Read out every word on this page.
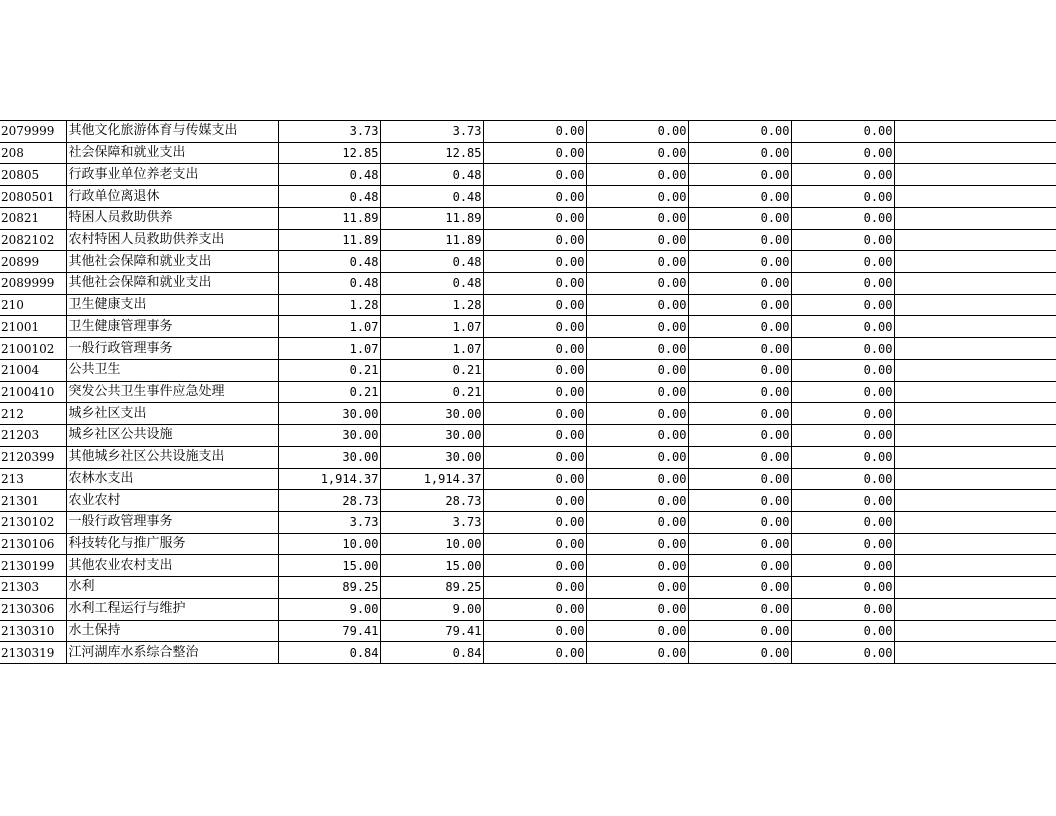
2079999	其他文化旅游体育与传媒支出	3.73	3.73	0.00	0.00	0.00	0.00	
208	社会保障和就业支出	12.85	12.85	0.00	0.00	0.00	0.00	
20805	行政事业单位养老支出	0.48	0.48	0.00	0.00	0.00	0.00	
2080501	行政单位离退休	0.48	0.48	0.00	0.00	0.00	0.00	
20821	特困人员救助供养	11.89	11.89	0.00	0.00	0.00	0.00	
2082102	农村特困人员救助供养支出	11.89	11.89	0.00	0.00	0.00	0.00	
20899	其他社会保障和就业支出	0.48	0.48	0.00	0.00	0.00	0.00	
2089999	其他社会保障和就业支出	0.48	0.48	0.00	0.00	0.00	0.00	
210	卫生健康支出	1.28	1.28	0.00	0.00	0.00	0.00	
21001	卫生健康管理事务	1.07	1.07	0.00	0.00	0.00	0.00	
2100102	一般行政管理事务	1.07	1.07	0.00	0.00	0.00	0.00	
21004	公共卫生	0.21	0.21	0.00	0.00	0.00	0.00	
2100410	突发公共卫生事件应急处理	0.21	0.21	0.00	0.00	0.00	0.00	
212	城乡社区支出	30.00	30.00	0.00	0.00	0.00	0.00	
21203	城乡社区公共设施	30.00	30.00	0.00	0.00	0.00	0.00	
2120399	其他城乡社区公共设施支出	30.00	30.00	0.00	0.00	0.00	0.00	
213	农林水支出	1,914.37	1,914.37	0.00	0.00	0.00	0.00	
21301	农业农村	28.73	28.73	0.00	0.00	0.00	0.00	
2130102	一般行政管理事务	3.73	3.73	0.00	0.00	0.00	0.00	
2130106	科技转化与推广服务	10.00	10.00	0.00	0.00	0.00	0.00	
2130199	其他农业农村支出	15.00	15.00	0.00	0.00	0.00	0.00	
21303	水利	89.25	89.25	0.00	0.00	0.00	0.00	
2130306	水利工程运行与维护	9.00	9.00	0.00	0.00	0.00	0.00	
2130310	水土保持	79.41	79.41	0.00	0.00	0.00	0.00	
2130319	江河湖库水系综合整治	0.84	0.84	0.00	0.00	0.00	0.00	
